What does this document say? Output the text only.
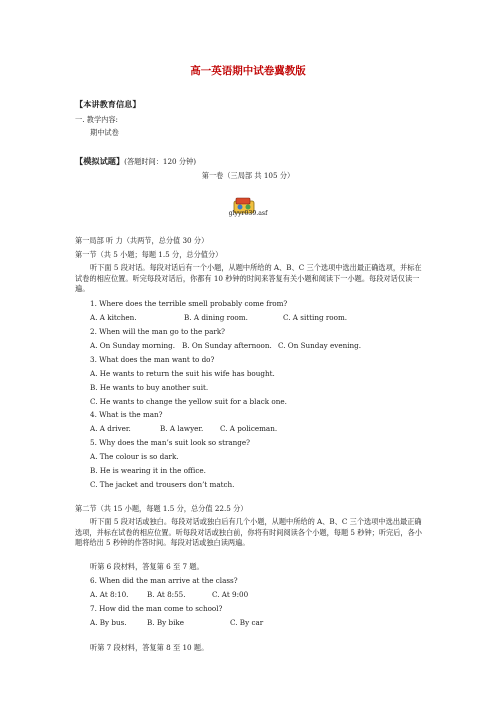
高一英语期中试卷冀教版
【本讲教育信息】
一. 教学内容:
期中试卷
【模拟试题】(答题时间：120 分钟)
第一卷（三局部 共 105 分）
glyyr039.asf
第一局部 听 力（共两节，总分值 30 分）
第一节（共 5 小题；每题 1.5 分，总分值分）
听下面 5 段对话。每段对话后有一个小题，从题中所给的 A、B、C 三个选项中选出最正确选项，并标在试卷的相应位置。听完每段对话后，你都有 10 秒钟的时间来答复有关小题和阅读下一小题。每段对话仅读一遍。
1. Where does the terrible smell probably come from?
A. A kitchen.	B. A dining room.	C. A sitting room.
2. When will the man go to the park?
A. On Sunday morning. B. On Sunday afternoon. C. On Sunday evening.
3. What does the man want to do?
A. He wants to return the suit his wife has bought.
B. He wants to buy another suit.
C. He wants to change the yellow suit for a black one.
4. What is the man?
A. A driver.	B. A lawyer. C. A policeman.
5. Why does the man’s suit look so strange?
A. The colour is so dark.
B. He is wearing it in the office.
C. The jacket and trousers don’t match.
第二节（共 15 小题，每题 1.5 分，总分值 22.5 分）
听下面 5 段对话或独白。每段对话或独白后有几个小题，从题中所给的 A、B、C 三个选项中选出最正确选项，并标在试卷的相应位置。听每段对话或独白前，你将有时间阅读各个小题，每题 5 秒钟；听完后，各小题将给出 5 秒钟的作答时间。每段对话或独白读两遍。
听第 6 段材料，答复第 6 至 7 题。
6. When did the man arrive at the class?
A. At 8:10.	B. At 8:55.	C. At 9:00
7. How did the man come to school?
A. By bus.	B. By bike	C. By car
听第 7 段材料，答复第 8 至 10 题。
